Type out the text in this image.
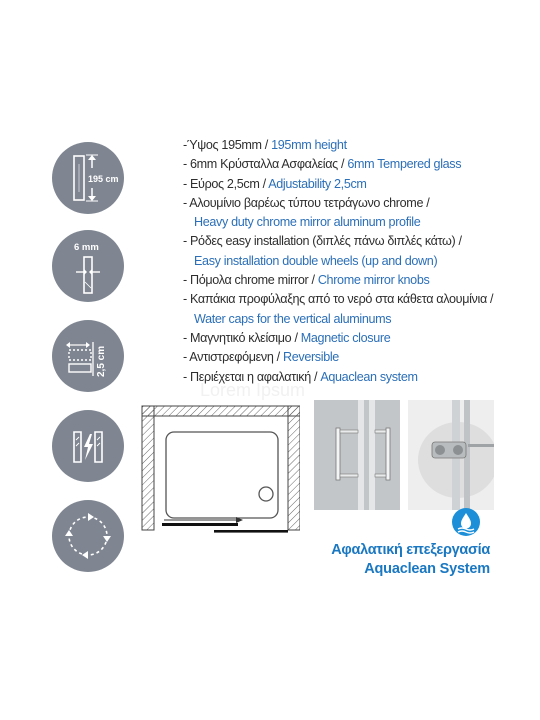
195 cm
6 mm
2,5 cm
-Ύψος 195mm / 195mm height
- 6mm Κρύσταλλα Ασφαλείας / 6mm Tempered glass
- Εύρος 2,5cm / Adjustability 2,5cm
- Αλουμίνιο βαρέως τύπου τετράγωνο chrome /
Heavy duty chrome mirror aluminum profile
- Ρόδες easy installation (διπλές πάνω διπλές κάτω) /
Easy installation double wheels (up and down)
- Πόμολα chrome mirror / Chrome mirror knobs
- Καπάκια προφύλαξης από το νερό στα κάθετα αλουμίνια /
Water caps for the vertical aluminums
- Μαγνητικό κλείσιμο / Magnetic closure
- Αντιστρεφόμενη / Reversible
- Περιέχεται η αφαλατική / Aquaclean system
Lorem Ipsum
Αφαλατική επεξεργασία
Aquaclean System
